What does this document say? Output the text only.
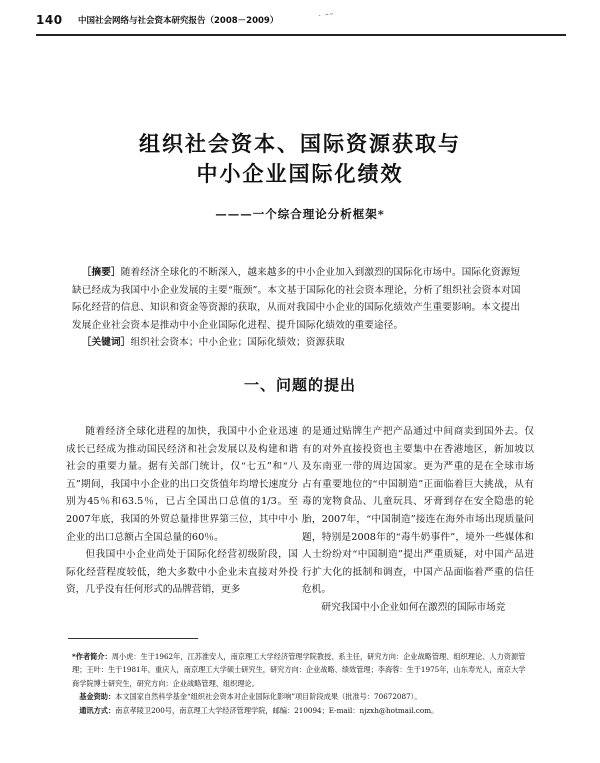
140 中国社会网络与社会资本研究报告（2008－2009）	˙ ˜˘
组织社会资本、国际资源获取与
中小企业国际化绩效
———一个综合理论分析框架*

 ［摘要］随着经济全球化的不断深入，越来越多的中小企业加入到激烈的国际化市场中。国际化资源短缺已经成为我国中小企业发展的主要“瓶颈”。本文基于国际化的社会资本理论，分析了组织社会资本对国际化经营的信息、知识和资金等资源的获取，从而对我国中小企业的国际化绩效产生重要影响。本文提出发展企业社会资本是推动中小企业国际化进程、提升国际化绩效的重要途径。

 ［关键词］组织社会资本；中小企业；国际化绩效；资源获取

一、问题的提出

随着经济全球化进程的加快，我国中小企业迅速成长已经成为推动国民经济和社会发展以及构建和谐社会的重要力量。据有关部门统计，仅“七五”和“八五”期间，我国中小企业的出口交货值年均增长速度分别为45％和63.5％，已占全国出口总值的1/3。至2007年底，我国的外贸总量排世界第三位，其中中小企业的出口总额占全国总量的60％。

但我国中小企业尚处于国际化经营初级阶段，国际化经营程度较低，绝大多数中小企业未直接对外投资，几乎没有任何形式的品牌营销，更多

的是通过贴牌生产把产品通过中间商卖到国外去。仅有的对外直接投资也主要集中在香港地区，新加坡以及东南亚一带的周边国家。更为严重的是在全球市场占有重要地位的“中国制造”正面临着巨大挑战，从有毒的宠物食品、儿童玩具、牙膏到存在安全隐患的轮胎，2007年，“中国制造”接连在海外市场出现质量问题，特别是2008年的“毒牛奶事件”，境外一些媒体和人士纷纷对“中国制造”提出严重质疑，对中国产品进行扩大化的抵制和调查，中国产品面临着严重的信任危机。

研究我国中小企业如何在激烈的国际市场竞

*作者简介：周小虎：生于1962年，江苏淮安人，南京理工大学经济管理学院教授、系主任，研究方向：企业战略管理、组织理论、人力资源管理；王叶：生于1981年，重庆人，南京理工大学硕士研究生，研究方向：企业战略、绩效管理；李海蓉：生于1975年，山东寿光人，南京大学商学院博士研究生，研究方向：企业战略管理、组织理论。

 基金资助：本文国家自然科学基金“组织社会资本对企业国际化影响”项目阶段成果（批准号：70672087）。

 通讯方式：南京孝陵卫200号，南京理工大学经济管理学院，邮编：210094；E-mail：njzxh@hotmail.com。
